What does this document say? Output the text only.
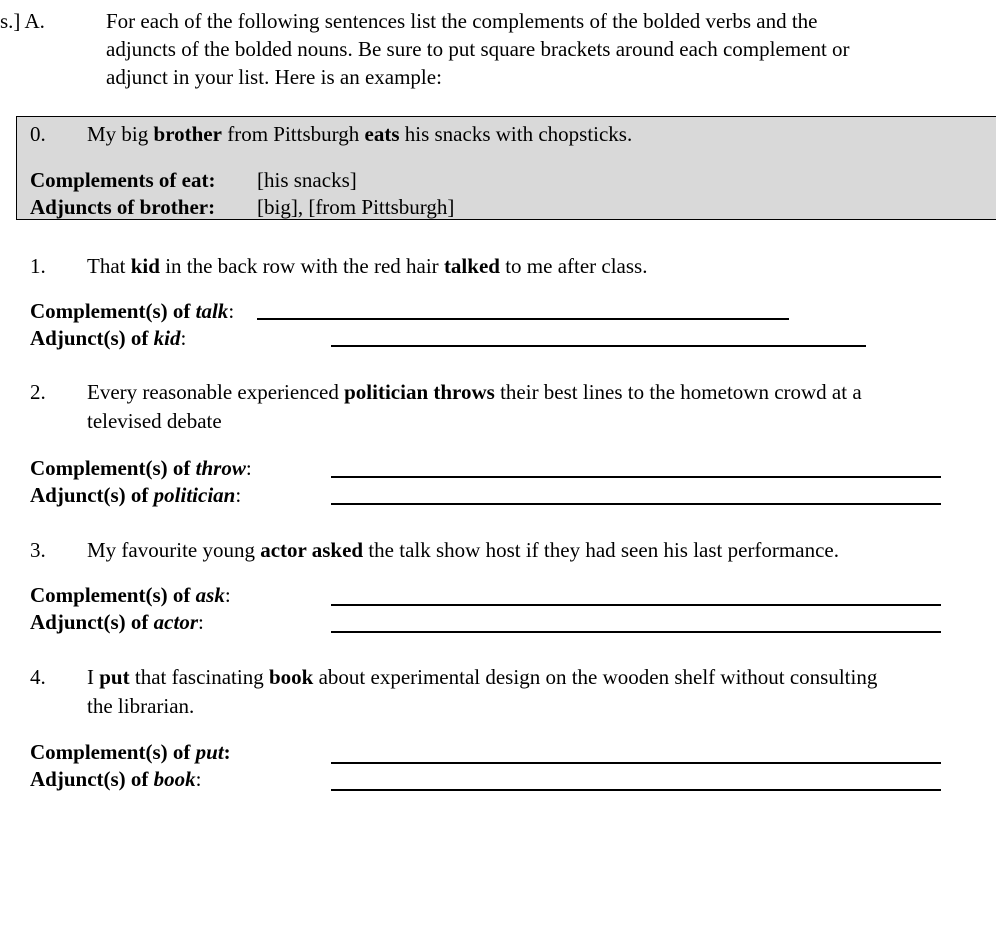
s.] A.	For each of the following sentences list the complements of the bolded verbs and the
adjuncts of the bolded nouns. Be sure to put square brackets around each complement or
adjunct in your list. Here is an example:
0. My big brother from Pittsburgh eats his snacks with chopsticks.
Complements of eat: [his snacks]
Adjuncts of brother: [big], [from Pittsburgh]
1. That kid in the back row with the red hair talked to me after class.
Complement(s) of talk:
Adjunct(s) of kid:
2. Every reasonable experienced politician throws their best lines to the hometown crowd at a
televised debate
Complement(s) of throw:
Adjunct(s) of politician:
3. My favourite young actor asked the talk show host if they had seen his last performance.
Complement(s) of ask:
Adjunct(s) of actor:
4. I put that fascinating book about experimental design on the wooden shelf without consulting
the librarian.
Complement(s) of put:
Adjunct(s) of book:
